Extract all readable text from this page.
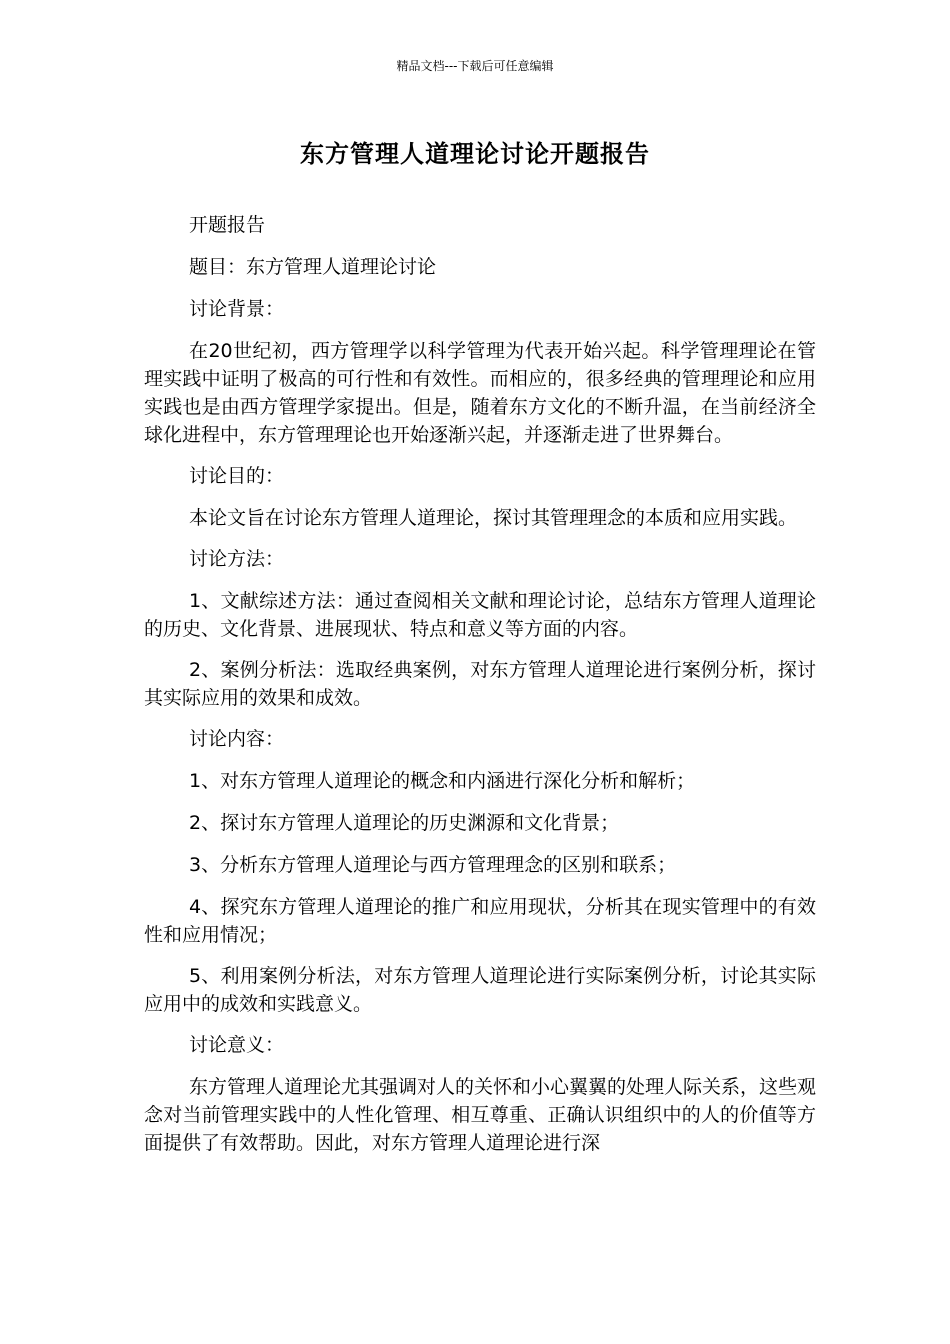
精品文档---下载后可任意编辑
东方管理人道理论讨论开题报告

开题报告

题目：东方管理人道理论讨论

讨论背景：

在20世纪初，西方管理学以科学管理为代表开始兴起。科学管理理论在管理实践中证明了极高的可行性和有效性。而相应的，很多经典的管理理论和应用实践也是由西方管理学家提出。但是，随着东方文化的不断升温，在当前经济全球化进程中，东方管理理论也开始逐渐兴起，并逐渐走进了世界舞台。

讨论目的：

本论文旨在讨论东方管理人道理论，探讨其管理理念的本质和应用实践。

讨论方法：

1、文献综述方法：通过查阅相关文献和理论讨论，总结东方管理人道理论的历史、文化背景、进展现状、特点和意义等方面的内容。

2、案例分析法：选取经典案例，对东方管理人道理论进行案例分析，探讨其实际应用的效果和成效。

讨论内容：

1、对东方管理人道理论的概念和内涵进行深化分析和解析；

2、探讨东方管理人道理论的历史渊源和文化背景；

3、分析东方管理人道理论与西方管理理念的区别和联系；

4、探究东方管理人道理论的推广和应用现状，分析其在现实管理中的有效性和应用情况；

5、利用案例分析法，对东方管理人道理论进行实际案例分析，讨论其实际应用中的成效和实践意义。

讨论意义：

东方管理人道理论尤其强调对人的关怀和小心翼翼的处理人际关系，这些观念对当前管理实践中的人性化管理、相互尊重、正确认识组织中的人的价值等方面提供了有效帮助。因此，对东方管理人道理论进行深
